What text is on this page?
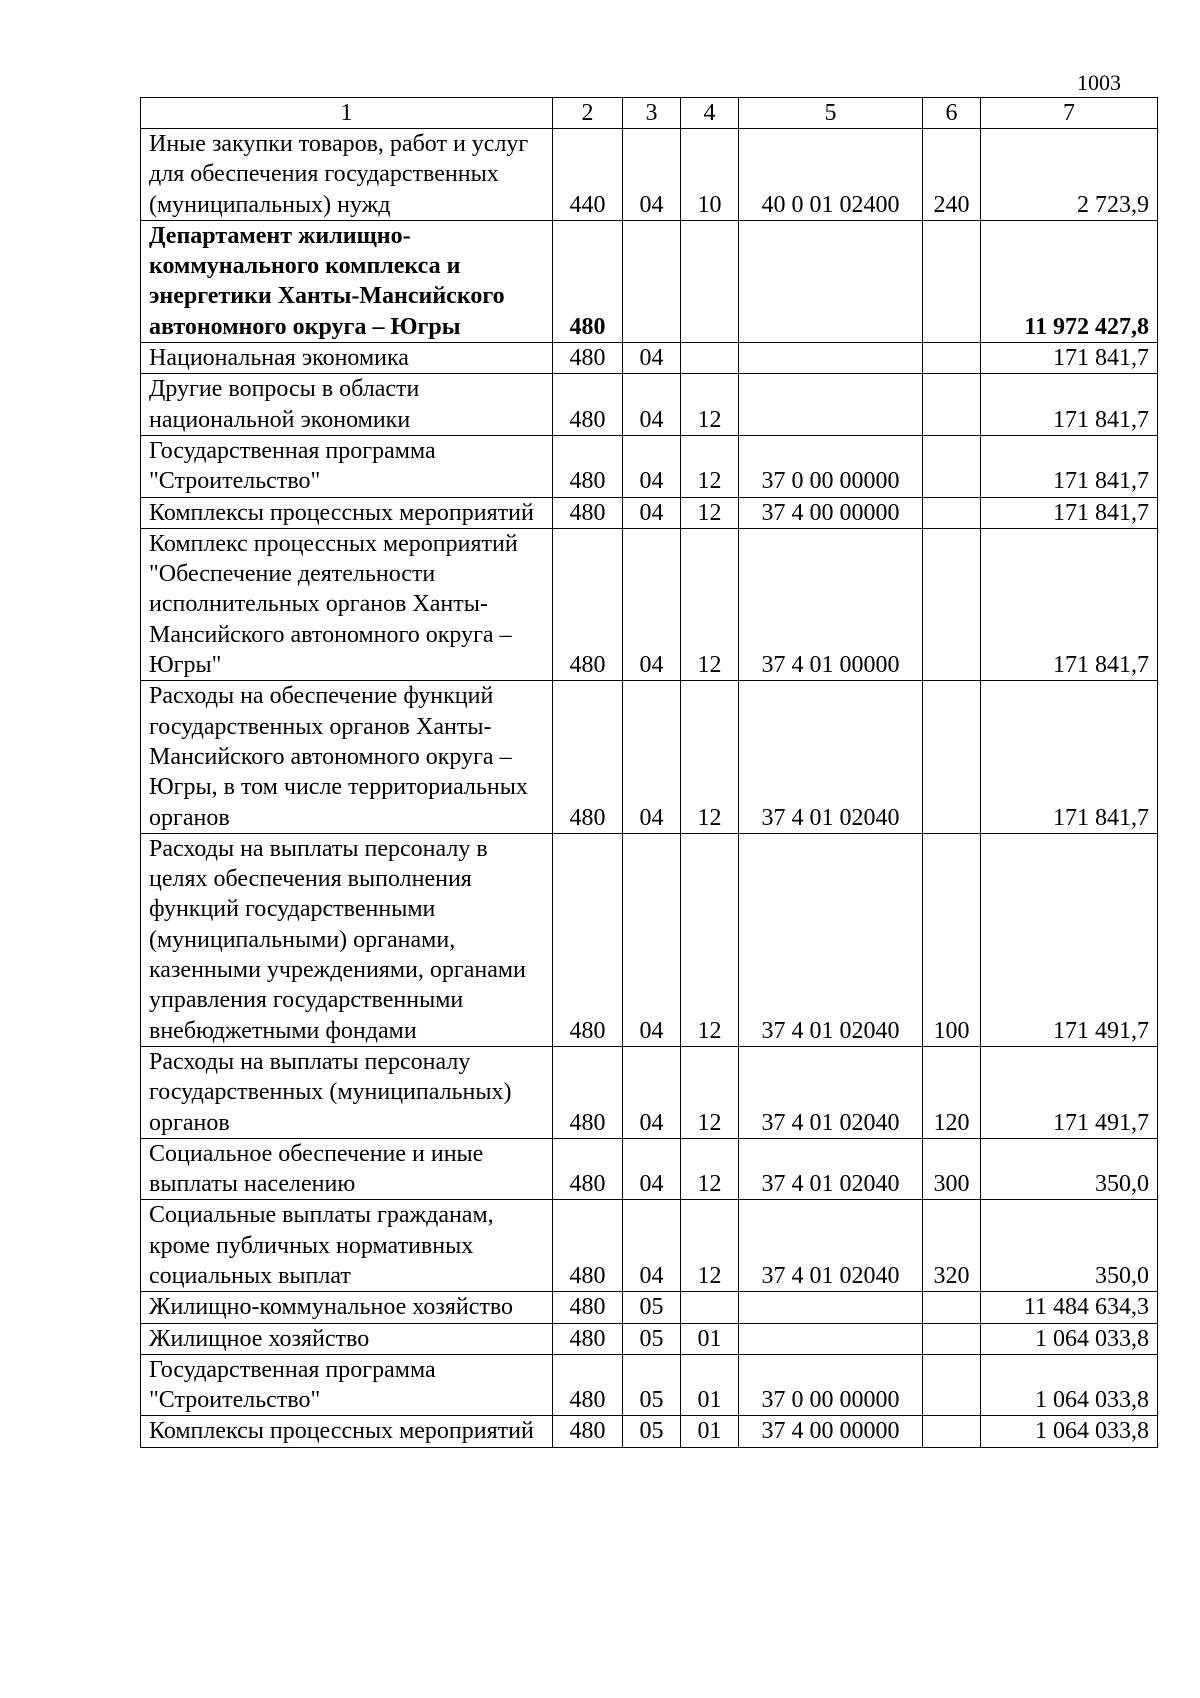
1003
1	2	3	4	5	6	7
Иные закупки товаров, работ и услуг для обеспечения государственных (муниципальных) нужд	440	04	10	40 0 01 02400	240	2 723,9
Департамент жилищно-коммунального комплекса и энергетики Ханты-Мансийского автономного округа – Югры	480					11 972 427,8
Национальная экономика	480	04				171 841,7
Другие вопросы в области национальной экономики	480	04	12			171 841,7
Государственная программа "Строительство"	480	04	12	37 0 00 00000		171 841,7
Комплексы процессных мероприятий	480	04	12	37 4 00 00000		171 841,7
Комплекс процессных мероприятий "Обеспечение деятельности исполнительных органов Ханты-Мансийского автономного округа – Югры"	480	04	12	37 4 01 00000		171 841,7
Расходы на обеспечение функций государственных органов Ханты-Мансийского автономного округа – Югры, в том числе территориальных органов	480	04	12	37 4 01 02040		171 841,7
Расходы на выплаты персоналу в целях обеспечения выполнения функций государственными (муниципальными) органами, казенными учреждениями, органами управления государственными внебюджетными фондами	480	04	12	37 4 01 02040	100	171 491,7
Расходы на выплаты персоналу государственных (муниципальных) органов	480	04	12	37 4 01 02040	120	171 491,7
Социальное обеспечение и иные выплаты населению	480	04	12	37 4 01 02040	300	350,0
Социальные выплаты гражданам, кроме публичных нормативных социальных выплат	480	04	12	37 4 01 02040	320	350,0
Жилищно-коммунальное хозяйство	480	05				11 484 634,3
Жилищное хозяйство	480	05	01			1 064 033,8
Государственная программа "Строительство"	480	05	01	37 0 00 00000		1 064 033,8
Комплексы процессных мероприятий	480	05	01	37 4 00 00000		1 064 033,8
